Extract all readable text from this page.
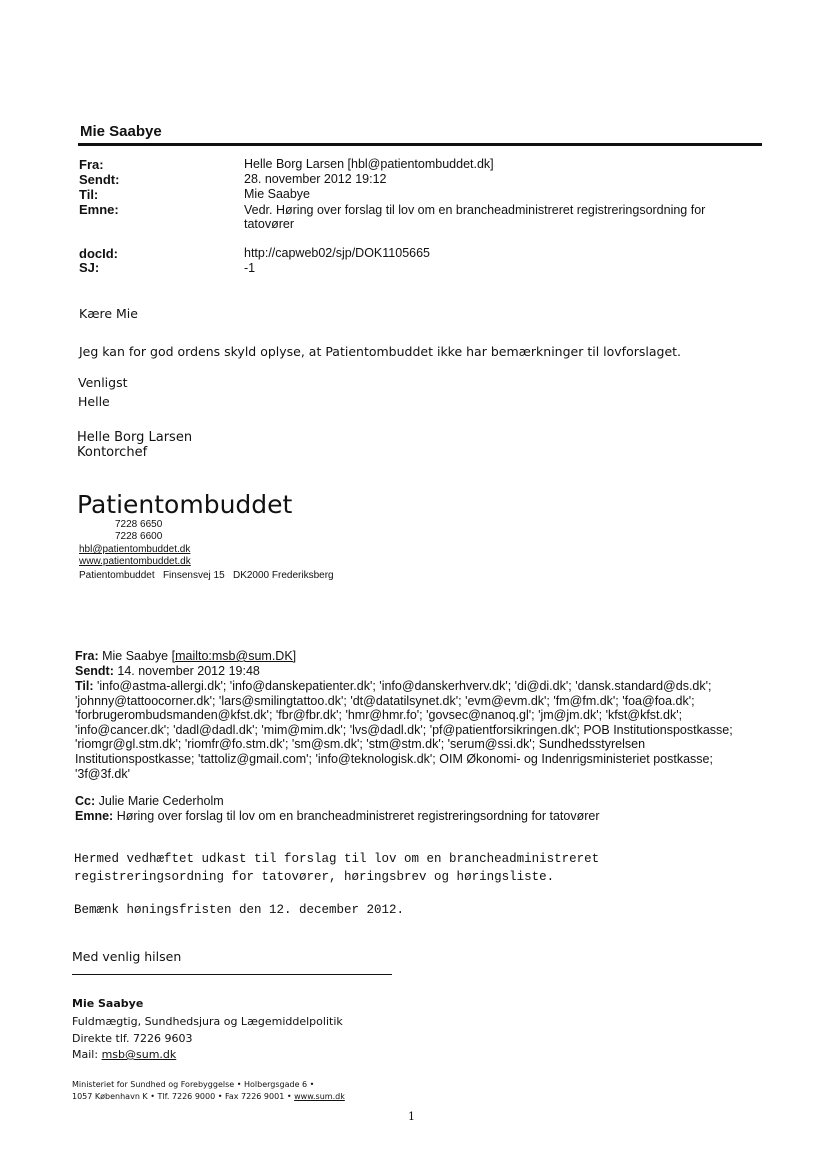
Mie Saabye
Fra:	Helle Borg Larsen [hbl@patientombuddet.dk]
Sendt:	28. november 2012 19:12
Til:	Mie Saabye
Emne:	Vedr. Høring over forslag til lov om en brancheadministreret registreringsordning for tatovører
docId:	http://capweb02/sjp/DOK1105665
SJ:	-1
Kære Mie
Jeg kan for god ordens skyld oplyse, at Patientombuddet ikke har bemærkninger til lovforslaget.
Venligst
Helle
Helle Borg Larsen
Kontorchef
Patientombuddet
7228 6650
7228 6600
hbl@patientombuddet.dk
www.patientombuddet.dk
Patientombuddet   Finsensvej 15   DK2000 Frederiksberg
Fra: Mie Saabye [mailto:msb@sum.DK]
Sendt: 14. november 2012 19:48
Til: 'info@astma-allergi.dk'; 'info@danskepatienter.dk'; 'info@danskerhverv.dk'; 'di@di.dk'; 'dansk.standard@ds.dk'; 'johnny@tattoocorner.dk'; 'lars@smilingtattoo.dk'; 'dt@datatilsynet.dk'; 'evm@evm.dk'; 'fm@fm.dk'; 'foa@foa.dk'; 'forbrugerombudsmanden@kfst.dk'; 'fbr@fbr.dk'; 'hmr@hmr.fo'; 'govsec@nanoq.gl'; 'jm@jm.dk'; 'kfst@kfst.dk'; 'info@cancer.dk'; 'dadl@dadl.dk'; 'mim@mim.dk'; 'lvs@dadl.dk'; 'pf@patientforsikringen.dk'; POB Institutionspostkasse; 'riomgr@gl.stm.dk'; 'riomfr@fo.stm.dk'; 'sm@sm.dk'; 'stm@stm.dk'; 'serum@ssi.dk'; Sundhedsstyrelsen Institutionspostkasse; 'tattoliz@gmail.com'; 'info@teknologisk.dk'; OIM Økonomi- og Indenrigsministeriet postkasse; '3f@3f.dk'
Cc: Julie Marie Cederholm
Emne: Høring over forslag til lov om en brancheadministreret registreringsordning for tatovører
Hermed vedhæftet udkast til forslag til lov om en brancheadministreret
registreringsordning for tatovører, høringsbrev og høringsliste.
Bemænk høningsfristen den 12. december 2012.
Med venlig hilsen
Mie Saabye
Fuldmægtig, Sundhedsjura og Lægemiddelpolitik
Direkte tlf. 7226 9603
Mail: msb@sum.dk
Ministeriet for Sundhed og Forebyggelse • Holbergsgade 6 •
1057 København K • Tlf. 7226 9000 • Fax 7226 9001 • www.sum.dk
1
